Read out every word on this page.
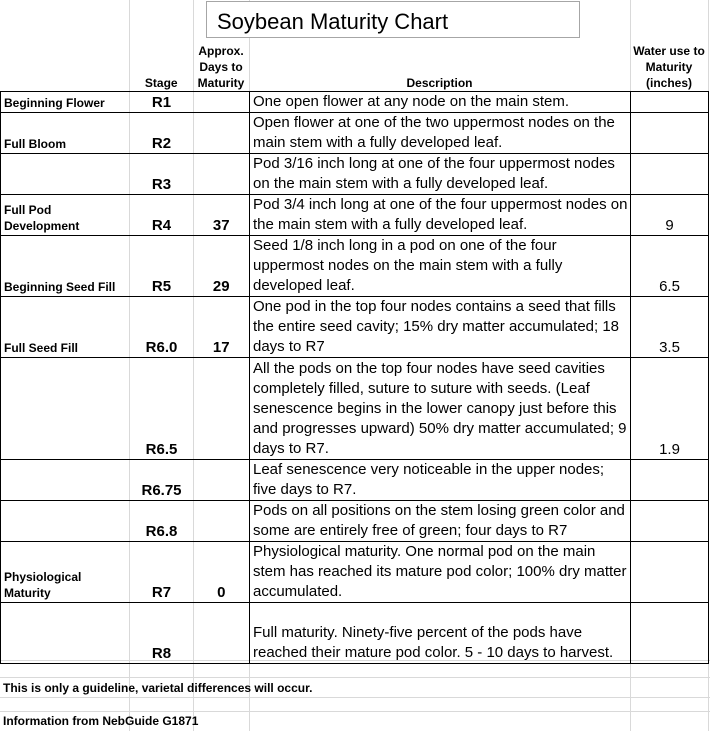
Soybean Maturity Chart
	Stage	Approx. Days to Maturity	Description	Water use to Maturity (inches)
Beginning Flower	R1		One open flower at any node on the main stem.	
Full Bloom	R2		Open flower at one of the two uppermost nodes on the main stem with a fully developed leaf.	
	R3		Pod 3/16 inch long at one of the four uppermost nodes on the main stem with a fully developed leaf.	
Full Pod Development	R4	37	Pod 3/4 inch long at one of the four uppermost nodes on the main stem with a fully developed leaf.	9
Beginning Seed Fill	R5	29	Seed 1/8 inch long in a pod on one of the four uppermost nodes on the main stem with a fully developed leaf.	6.5
Full Seed Fill	R6.0	17	One pod in the top four nodes contains a seed that fills the entire seed cavity; 15% dry matter accumulated; 18 days to R7	3.5
	R6.5		All the pods on the top four nodes have seed cavities completely filled, suture to suture with seeds. (Leaf senescence begins in the lower canopy just before this and progresses upward) 50% dry matter accumulated; 9 days to R7.	1.9
	R6.75		Leaf senescence very noticeable in the upper nodes; five days to R7.	
	R6.8		Pods on all positions on the stem losing green color and some are entirely free of green; four days to R7	
Physiological Maturity	R7	0	Physiological maturity. One normal pod on the main stem has reached its mature pod color; 100% dry matter accumulated.	
	R8		Full maturity. Ninety-five percent of the pods have reached their mature pod color. 5 - 10 days to harvest.	
This is only a guideline, varietal differences will occur.
Information from NebGuide G1871
